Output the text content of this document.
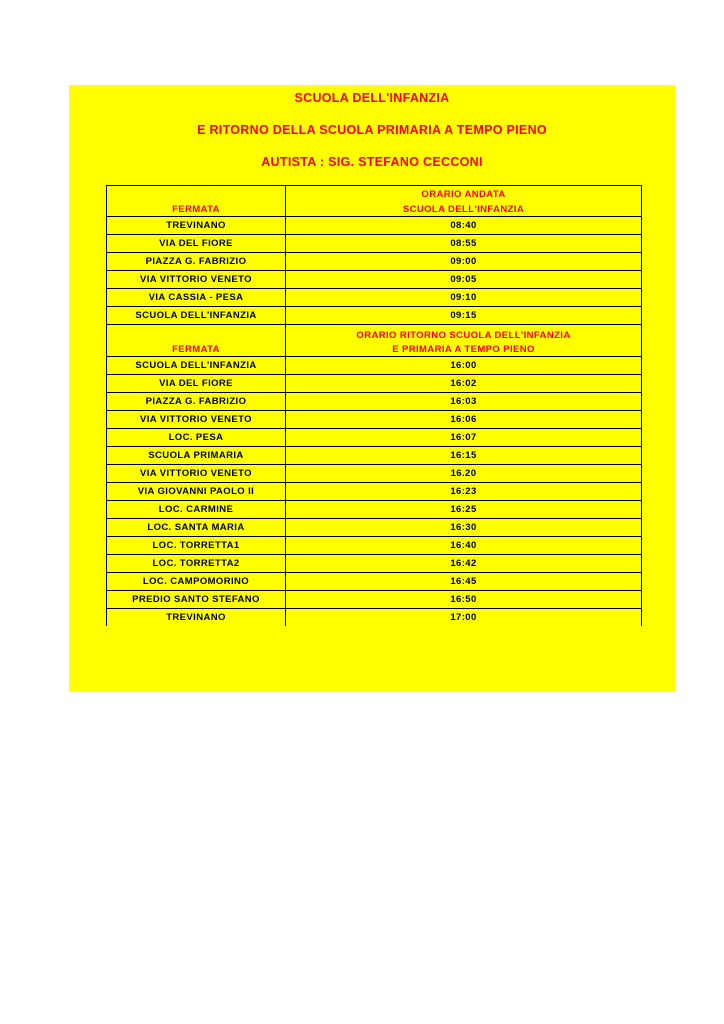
SCUOLA DELL'INFANZIA
E RITORNO DELLA SCUOLA PRIMARIA A TEMPO PIENO
AUTISTA : SIG. STEFANO CECCONI
FERMATA	ORARIO ANDATA
SCUOLA DELL'INFANZIA

TREVINANO	08:40
VIA DEL FIORE	08:55
PIAZZA G. FABRIZIO	09:00
VIA VITTORIO VENETO	09:05
VIA CASSIA - PESA	09:10
SCUOLA DELL'INFANZIA	09:15
FERMATA	ORARIO RITORNO SCUOLA DELL'INFANZIA
E PRIMARIA A TEMPO PIENO

SCUOLA DELL'INFANZIA	16:00
VIA DEL FIORE	16:02
PIAZZA G. FABRIZIO	16:03
VIA VITTORIO VENETO	16:06
LOC. PESA	16:07
SCUOLA PRIMARIA	16:15
VIA VITTORIO VENETO	16.20
VIA GIOVANNI PAOLO II	16:23
LOC. CARMINE	16:25
LOC. SANTA MARIA	16:30
LOC. TORRETTA1	16:40
LOC. TORRETTA2	16:42
LOC. CAMPOMORINO	16:45
PREDIO SANTO STEFANO	16:50
TREVINANO	17:00
